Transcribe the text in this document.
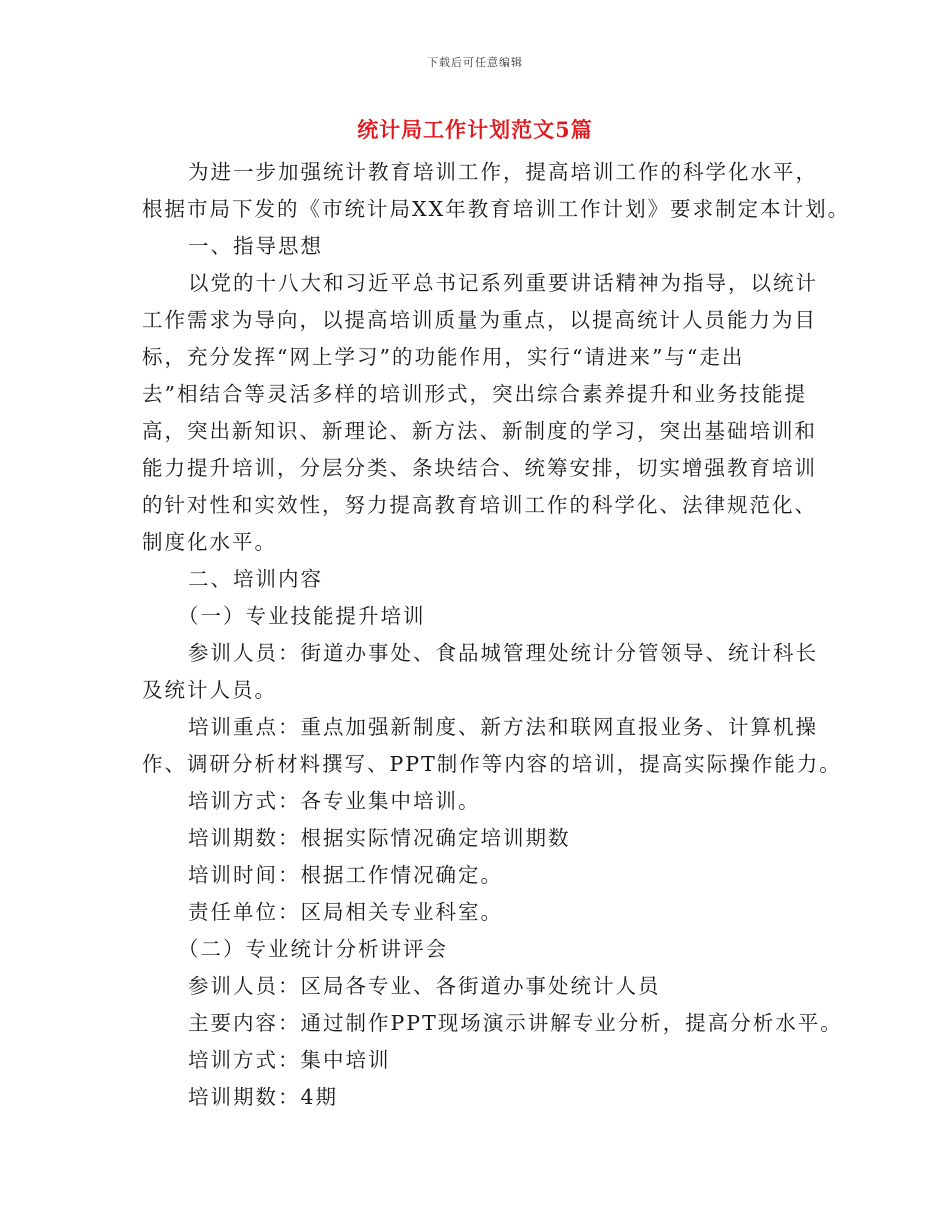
下载后可任意编辑
统计局工作计划范文5篇
为进一步加强统计教育培训工作，提高培训工作的科学化水平，
根据市局下发的《市统计局XX年教育培训工作计划》要求制定本计划。
一、指导思想
以党的十八大和习近平总书记系列重要讲话精神为指导，以统计
工作需求为导向，以提高培训质量为重点，以提高统计人员能力为目
标，充分发挥“网上学习”的功能作用，实行“请进来”与“走出
去”相结合等灵活多样的培训形式，突出综合素养提升和业务技能提
高，突出新知识、新理论、新方法、新制度的学习，突出基础培训和
能力提升培训，分层分类、条块结合、统筹安排，切实增强教育培训
的针对性和实效性，努力提高教育培训工作的科学化、法律规范化、
制度化水平。
二、培训内容
（一）专业技能提升培训
参训人员：街道办事处、食品城管理处统计分管领导、统计科长
及统计人员。
培训重点：重点加强新制度、新方法和联网直报业务、计算机操
作、调研分析材料撰写、PPT制作等内容的培训，提高实际操作能力。
培训方式：各专业集中培训。
培训期数：根据实际情况确定培训期数
培训时间：根据工作情况确定。
责任单位：区局相关专业科室。
（二）专业统计分析讲评会
参训人员：区局各专业、各街道办事处统计人员
主要内容：通过制作PPT现场演示讲解专业分析，提高分析水平。
培训方式：集中培训
培训期数：4期
